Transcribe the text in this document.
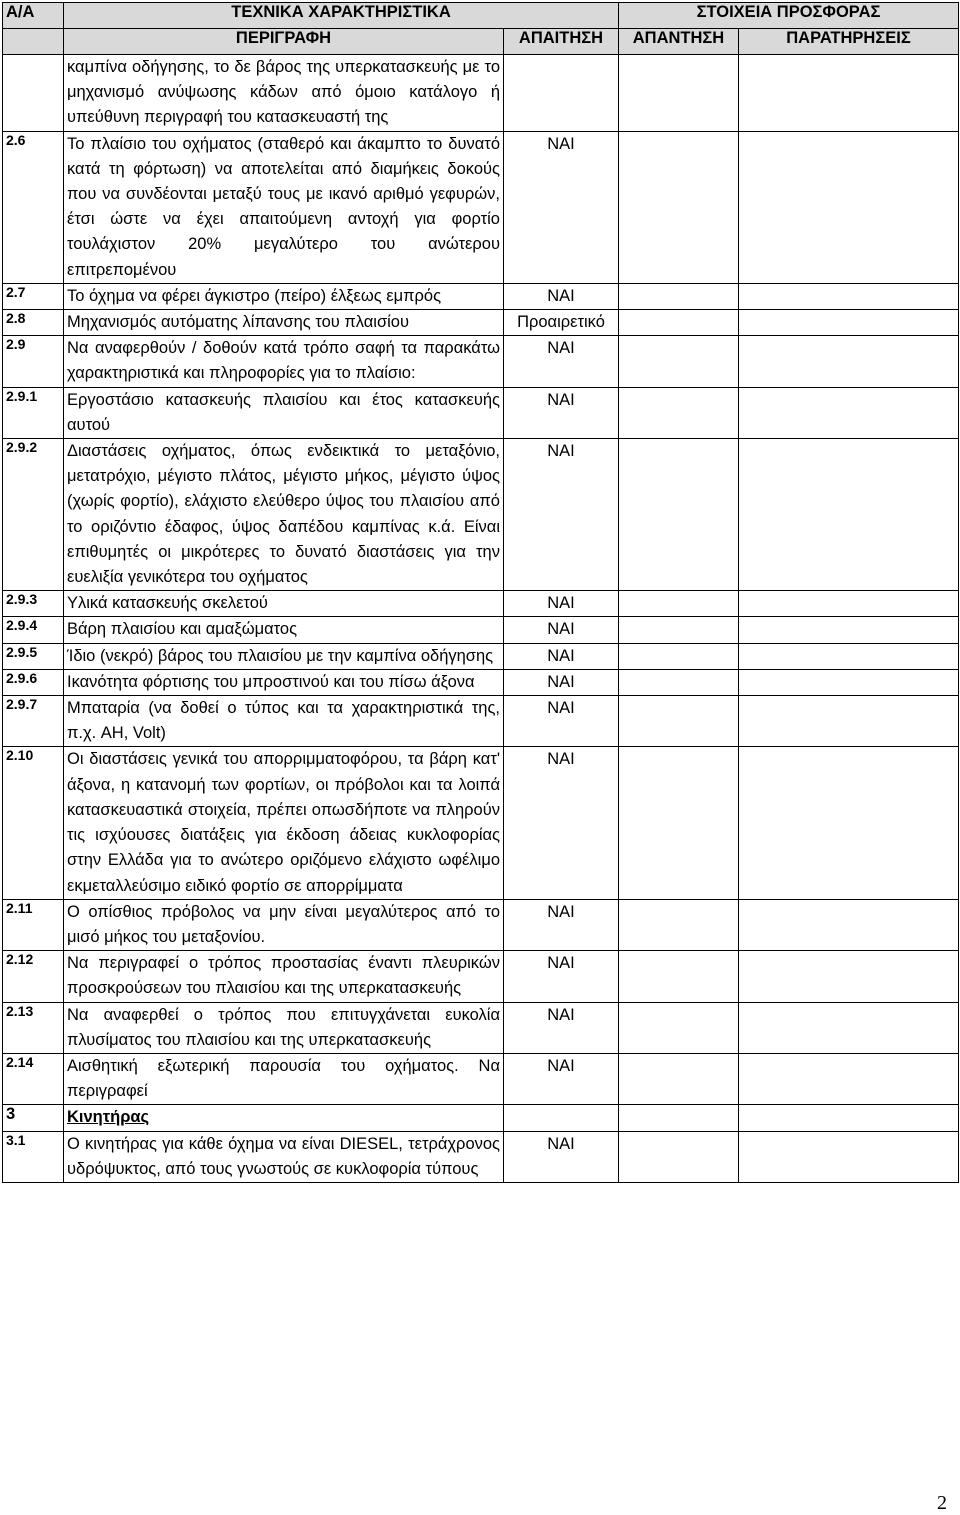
Α/Α	ΤΕΧΝΙΚΑ ΧΑΡΑΚΤΗΡΙΣΤΙΚΑ		ΣΤΟΙΧΕΙΑ ΠΡΟΣΦΟΡΑΣ	
	ΠΕΡΙΓΡΑΦΗ	ΑΠΑΙΤΗΣΗ	ΑΠΑΝΤΗΣΗ	ΠΑΡΑΤΗΡΗΣΕΙΣ
	καμπίνα οδήγησης, το δε βάρος της υπερκατασκευής με το μηχανισμό ανύψωσης κάδων από όμοιο κατάλογο ή υπεύθυνη περιγραφή του κατασκευαστή της			
2.6	Το πλαίσιο του οχήματος (σταθερό και άκαμπτο το δυνατό κατά τη φόρτωση) να αποτελείται από διαμήκεις δοκούς που να συνδέονται μεταξύ τους με ικανό αριθμό γεφυρών, έτσι ώστε να έχει απαιτούμενη αντοχή για φορτίο τουλάχιστον 20% μεγαλύτερο του ανώτερου επιτρεπομένου	ΝΑΙ		
2.7	Το όχημα να φέρει άγκιστρο (πείρο) έλξεως εμπρός	ΝΑΙ		
2.8	Μηχανισμός αυτόματης λίπανσης του πλαισίου	Προαιρετικό		
2.9	Να αναφερθούν / δοθούν κατά τρόπο σαφή τα παρακάτω χαρακτηριστικά και πληροφορίες για το πλαίσιο:	ΝΑΙ		
2.9.1	Εργοστάσιο κατασκευής πλαισίου και έτος κατασκευής αυτού	ΝΑΙ		
2.9.2	Διαστάσεις οχήματος, όπως ενδεικτικά το μεταξόνιο, μετατρόχιο, μέγιστο πλάτος, μέγιστο μήκος, μέγιστο ύψος (χωρίς φορτίο), ελάχιστο ελεύθερο ύψος του πλαισίου από το οριζόντιο έδαφος, ύψος δαπέδου καμπίνας κ.ά. Είναι επιθυμητές οι μικρότερες το δυνατό διαστάσεις για την ευελιξία γενικότερα του οχήματος	ΝΑΙ		
2.9.3	Υλικά κατασκευής σκελετού	ΝΑΙ		
2.9.4	Βάρη πλαισίου και αμαξώματος	ΝΑΙ		
2.9.5	Ίδιο (νεκρό) βάρος του πλαισίου με την καμπίνα οδήγησης	ΝΑΙ		
2.9.6	Ικανότητα φόρτισης του μπροστινού και του πίσω άξονα	ΝΑΙ		
2.9.7	Μπαταρία (να δοθεί ο τύπος και τα χαρακτηριστικά της, π.χ. AH, Volt)	ΝΑΙ		
2.10	Οι διαστάσεις γενικά του απορριμματοφόρου, τα βάρη κατ' άξονα, η κατανομή των φορτίων, οι πρόβολοι και τα λοιπά κατασκευαστικά στοιχεία, πρέπει οπωσδήποτε να πληρούν τις ισχύουσες διατάξεις για έκδοση άδειας κυκλοφορίας στην Ελλάδα για το ανώτερο οριζόμενο ελάχιστο ωφέλιμο εκμεταλλεύσιμο ειδικό φορτίο σε απορρίμματα	ΝΑΙ		
2.11	Ο οπίσθιος πρόβολος να μην είναι μεγαλύτερος από το μισό μήκος του μεταξονίου.	ΝΑΙ		
2.12	Να περιγραφεί ο τρόπος προστασίας έναντι πλευρικών προσκρούσεων του πλαισίου και της υπερκατασκευής	ΝΑΙ		
2.13	Να αναφερθεί ο τρόπος που επιτυγχάνεται ευκολία πλυσίματος του πλαισίου και της υπερκατασκευής	ΝΑΙ		
2.14	Αισθητική εξωτερική παρουσία του οχήματος. Να περιγραφεί	ΝΑΙ		
3	Κινητήρας			
3.1	Ο κινητήρας για κάθε όχημα να είναι DIESEL, τετράχρονος υδρόψυκτος, από τους γνωστούς σε κυκλοφορία τύπους	ΝΑΙ		
2
